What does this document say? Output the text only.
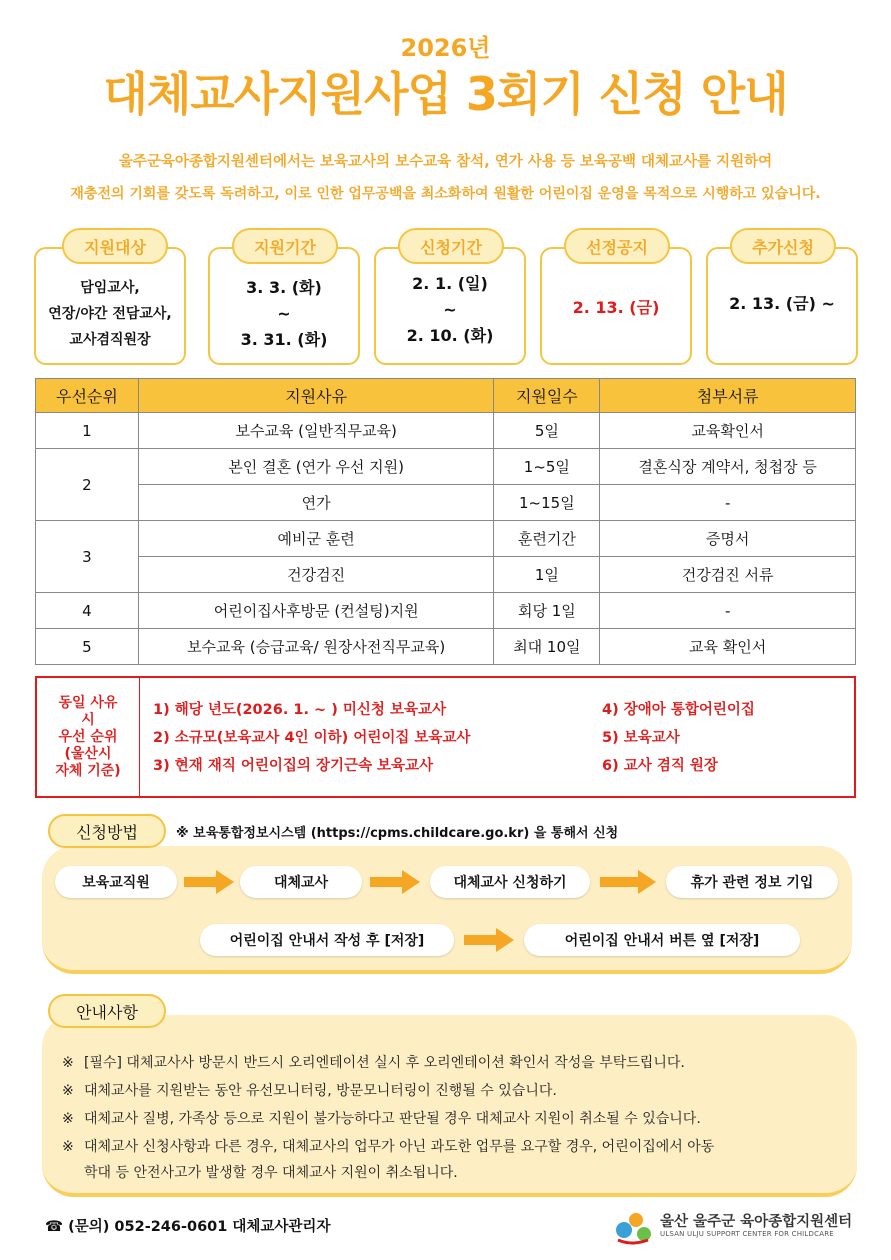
2026년
대체교사지원사업 3회기 신청 안내
울주군육아종합지원센터에서는 보육교사의 보수교육 참석, 연가 사용 등 보육공백 대체교사를 지원하여
재충전의 기회를 갖도록 독려하고, 이로 인한 업무공백을 최소화하여 원활한 어린이집 운영을 목적으로 시행하고 있습니다.
담임교사,
연장/야간 전담교사,
교사겸직원장
지원대상
3. 3. (화)
~
3. 31. (화)
지원기간
2. 1. (일)
~
2. 10. (화)
신청기간
2. 13. (금)
선정공지
2. 13. (금) ~
추가신청
우선순위	지원사유	지원일수	첨부서류
1	보수교육 (일반직무교육)	5일	교육확인서
2	본인 결혼 (연가 우선 지원)	1~5일	결혼식장 계약서, 청첩장 등
	연가	1~15일	-
3	예비군 훈련	훈련기간	증명서
	건강검진	1일	건강검진 서류
4	어린이집사후방문 (컨설팅)지원	회당 1일	-
5	보수교육 (승급교육/ 원장사전직무교육)	최대 10일	교육 확인서
동일 사유
시
우선 순위
(울산시
자체 기준)
1) 해당 년도(2026. 1. ~ ) 미신청 보육교사
2) 소규모(보육교사 4인 이하) 어린이집 보육교사
3) 현재 재직 어린이집의 장기근속 보육교사
4) 장애아 통합어린이집
5) 보육교사
6) 교사 겸직 원장
신청방법	※ 보육통합정보시스템 (https://cpms.childcare.go.kr) 을 통해서 신청
보육교직원	대체교사	대체교사 신청하기	휴가 관련 정보 기입
어린이집 안내서 작성 후 [저장]	어린이집 안내서 버튼 옆 [저장]
안내사항
※ [필수] 대체교사사 방문시 반드시 오리엔테이션 실시 후 오리엔테이션 확인서 작성을 부탁드립니다.
※ 대체교사를 지원받는 동안 유선모니터링, 방문모니터링이 진행될 수 있습니다.
※ 대체교사 질병, 가족상 등으로 지원이 불가능하다고 판단될 경우 대체교사 지원이 취소될 수 있습니다.
※ 대체교사 신청사항과 다른 경우, 대체교사의 업무가 아닌 과도한 업무를 요구할 경우, 어린이집에서 아동
학대 등 안전사고가 발생할 경우 대체교사 지원이 취소됩니다.
☎ (문의) 052-246-0601 대체교사관리자	울산 울주군 육아종합지원센터
ULSAN ULJU SUPPORT CENTER FOR CHILDCARE
